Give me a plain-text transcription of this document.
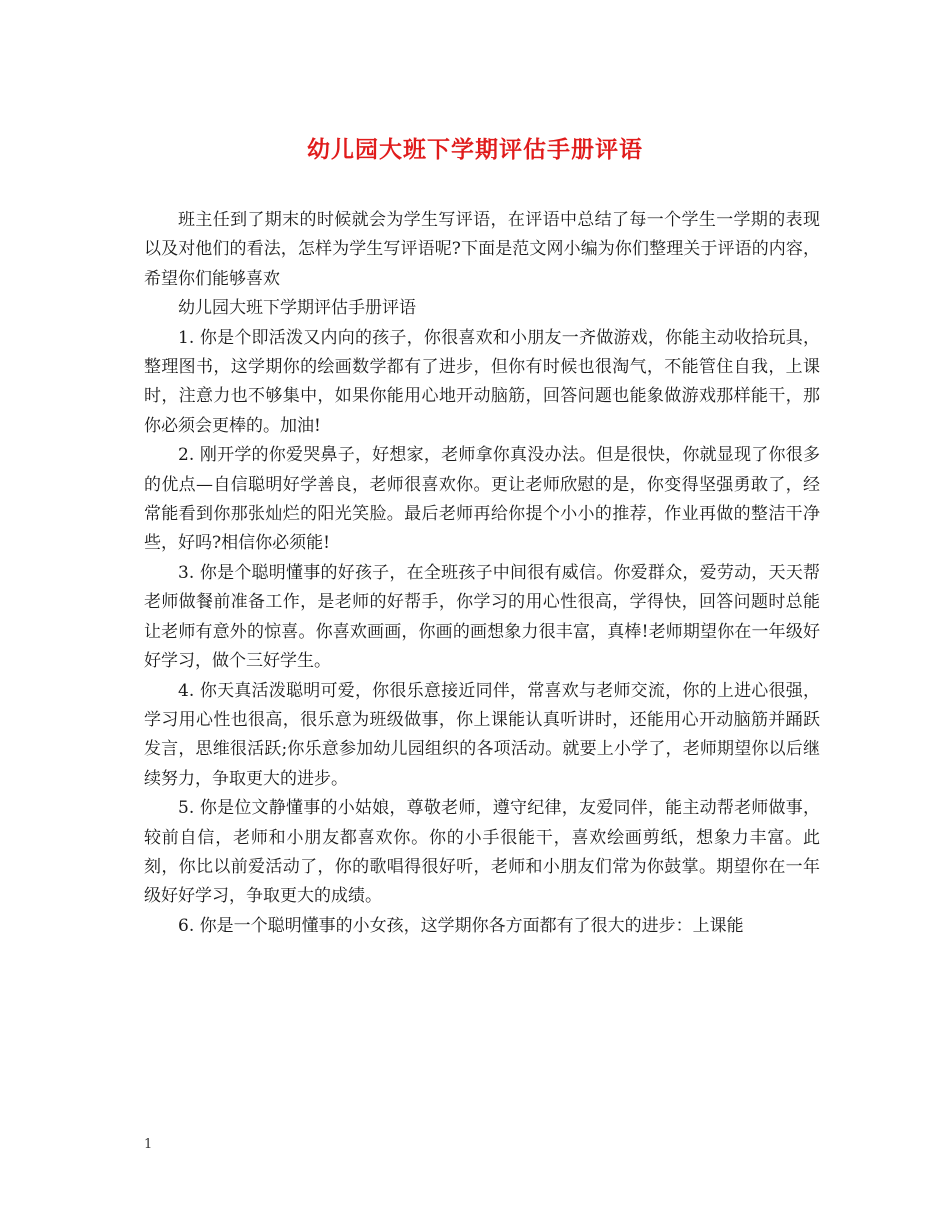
幼儿园大班下学期评估手册评语

班主任到了期末的时候就会为学生写评语，在评语中总结了每一个学生一学期的表现以及对他们的看法，怎样为学生写评语呢?下面是范文网小编为你们整理关于评语的内容，希望你们能够喜欢

幼儿园大班下学期评估手册评语

1. 你是个即活泼又内向的孩子，你很喜欢和小朋友一齐做游戏，你能主动收拾玩具，整理图书，这学期你的绘画数学都有了进步，但你有时候也很淘气，不能管住自我，上课时，注意力也不够集中，如果你能用心地开动脑筋，回答问题也能象做游戏那样能干，那你必须会更棒的。加油!

2. 刚开学的你爱哭鼻子，好想家，老师拿你真没办法。但是很快，你就显现了你很多的优点—自信聪明好学善良，老师很喜欢你。更让老师欣慰的是，你变得坚强勇敢了，经常能看到你那张灿烂的阳光笑脸。最后老师再给你提个小小的推荐，作业再做的整洁干净些，好吗?相信你必须能!

3. 你是个聪明懂事的好孩子，在全班孩子中间很有威信。你爱群众，爱劳动，天天帮老师做餐前准备工作，是老师的好帮手，你学习的用心性很高，学得快，回答问题时总能让老师有意外的惊喜。你喜欢画画，你画的画想象力很丰富，真棒!老师期望你在一年级好好学习，做个三好学生。

4. 你天真活泼聪明可爱，你很乐意接近同伴，常喜欢与老师交流，你的上进心很强，学习用心性也很高，很乐意为班级做事，你上课能认真听讲时，还能用心开动脑筋并踊跃发言，思维很活跃;你乐意参加幼儿园组织的各项活动。就要上小学了，老师期望你以后继续努力，争取更大的进步。

5. 你是位文静懂事的小姑娘，尊敬老师，遵守纪律，友爱同伴，能主动帮老师做事，较前自信，老师和小朋友都喜欢你。你的小手很能干，喜欢绘画剪纸，想象力丰富。此刻，你比以前爱活动了，你的歌唱得很好听，老师和小朋友们常为你鼓掌。期望你在一年级好好学习，争取更大的成绩。

6. 你是一个聪明懂事的小女孩，这学期你各方面都有了很大的进步：上课能

1
